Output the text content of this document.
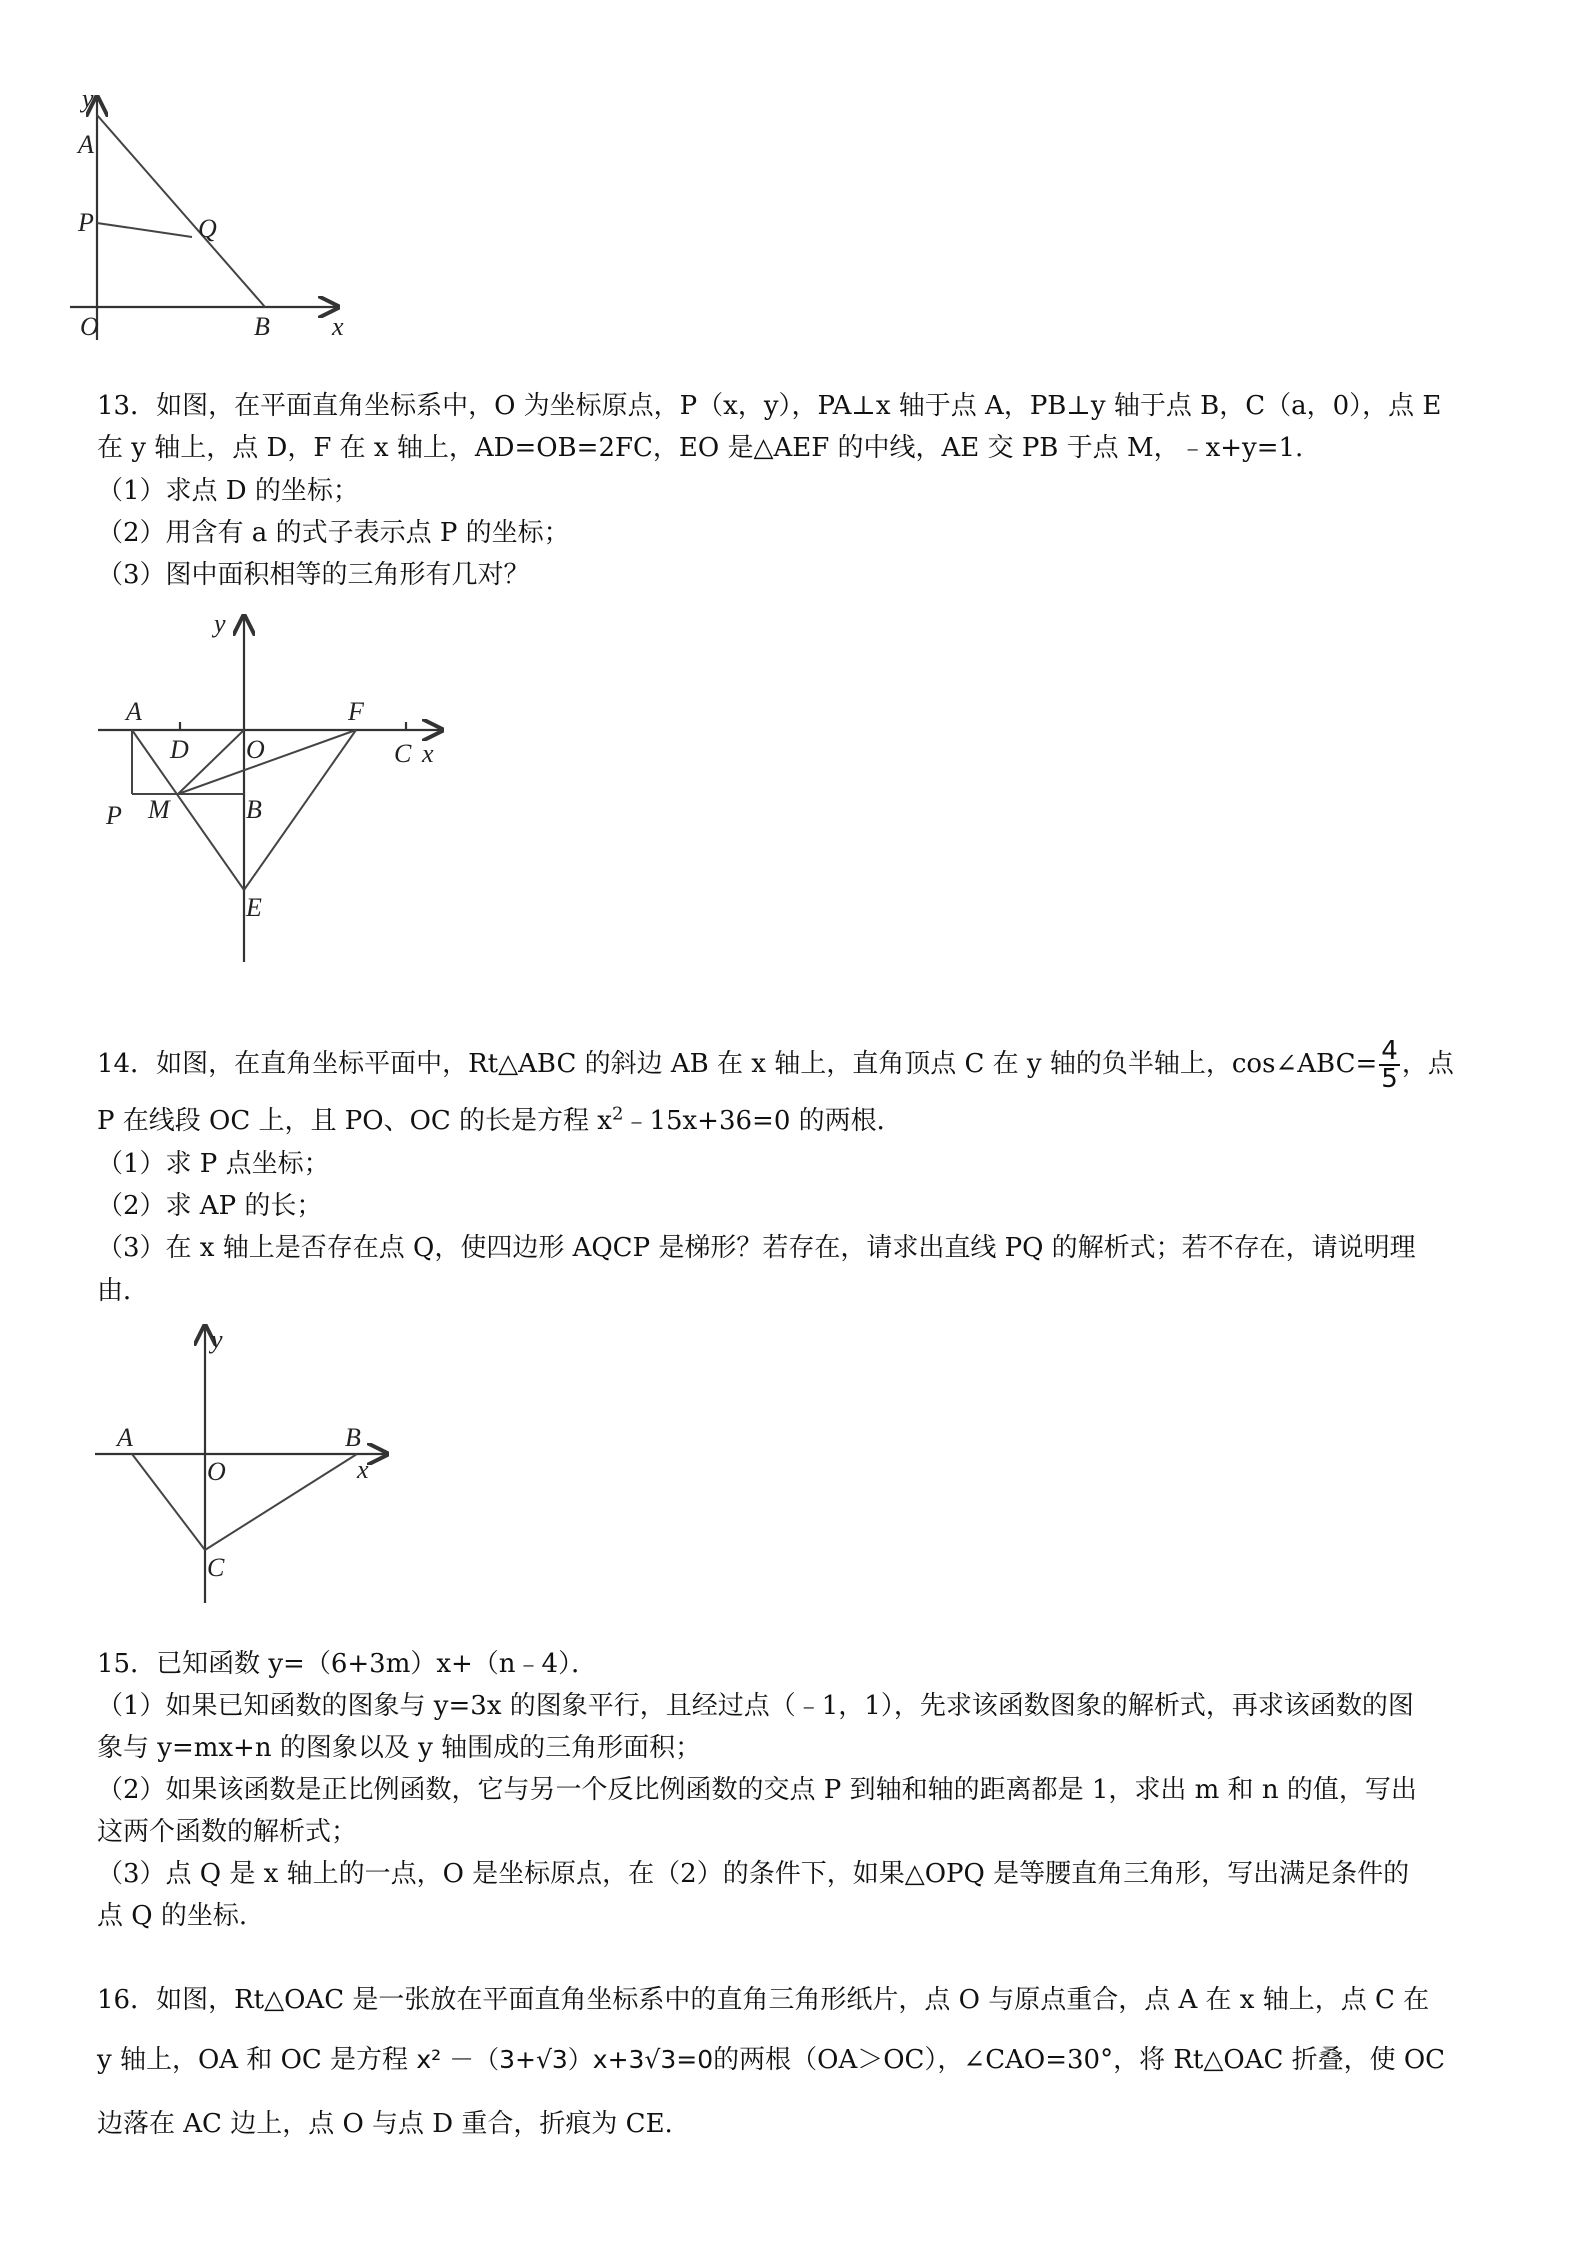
y
A
P	Q
O	B x
13．如图，在平面直角坐标系中，O 为坐标原点，P（x，y），PA⊥x 轴于点 A，PB⊥y 轴于点 B，C（a，0），点 E
在 y 轴上，点 D，F 在 x 轴上，AD=OB=2FC，EO 是△AEF 的中线，AE 交 PB 于点 M，﹣x+y=1.
（1）求点 D 的坐标；
（2）用含有 a 的式子表示点 P 的坐标；
（3）图中面积相等的三角形有几对？
y
A
D O
F
C x
P M	B
E
14．如图，在直角坐标平面中，Rt△ABC 的斜边 AB 在 x 轴上，直角顶点 C 在 y 轴的负半轴上，cos∠ABC= $\frac{4}{5}$ ，点
P 在线段 OC 上，且 PO、OC 的长是方程 $x^2﹣15x+36=0$ 的两根．
（1）求 P 点坐标；
（2）求 AP 的长；
（3）在 x 轴上是否存在点 Q，使四边形 AQCP 是梯形？若存在，请求出直线 PQ 的解析式；若不存在，请说明理
由．
y
A
O
B
x
C
15．已知函数 y=（6+3m）x+（n﹣4）．
（1）如果已知函数的图象与 y=3x 的图象平行，且经过点（﹣1，1），先求该函数图象的解析式，再求该函数的图
象与 y=mx+n 的图象以及 y 轴围成的三角形面积；
（2）如果该函数是正比例函数，它与另一个反比例函数的交点 P 到轴和轴的距离都是 1，求出 m 和 n 的值，写出
这两个函数的解析式；
（3）点 Q 是 x 轴上的一点，O 是坐标原点，在（2）的条件下，如果△OPQ 是等腰直角三角形，写出满足条件的
点 Q 的坐标.
16．如图，Rt△OAC 是一张放在平面直角坐标系中的直角三角形纸片，点 O 与原点重合，点 A 在 x 轴上，点 C 在
y 轴上，OA 和 OC 是方程 x² －（3+√3）x+3√3=0的两根（OA＞OC），∠CAO=30°，将 Rt△OAC 折叠，使 OC
边落在 AC 边上，点 O 与点 D 重合，折痕为 CE.
